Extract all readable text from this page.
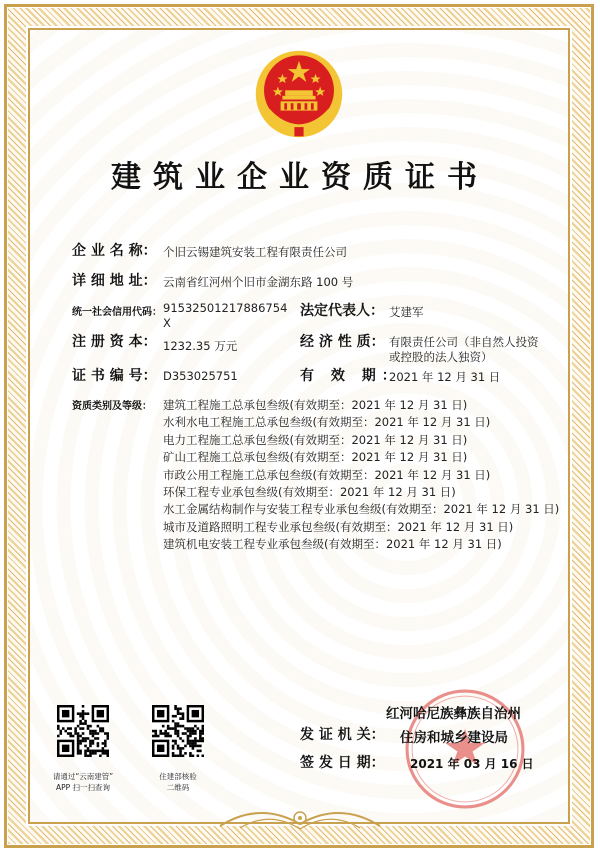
建筑业企业资质证书
企 业 名 称： 个旧云锡建筑安装工程有限责任公司
详 细 地 址： 云南省红河州个旧市金湖东路 100 号
统一社会信用代码： 91532501217886754X
法定代表人： 艾建军
注 册 资 本： 1232.35 万元	经 济 性 质： 有限责任公司（非自然人投资或控股的法人独资）
证 书 编 号： D353025751	有 效 期：
2021 年 12 月 31 日
资质类别及等级： 建筑工程施工总承包叁级(有效期至：2021 年 12 月 31 日)
水利水电工程施工总承包叁级(有效期至：2021 年 12 月 31 日)
电力工程施工总承包叁级(有效期至：2021 年 12 月 31 日)
矿山工程施工总承包叁级(有效期至：2021 年 12 月 31 日)
市政公用工程施工总承包叁级(有效期至：2021 年 12 月 31 日)
环保工程专业承包叁级(有效期至：2021 年 12 月 31 日)
水工金属结构制作与安装工程专业承包叁级(有效期至：2021 年 12 月 31 日)
城市及道路照明工程专业承包叁级(有效期至：2021 年 12 月 31 日)
建筑机电安装工程专业承包叁级(有效期至：2021 年 12 月 31 日)
请通过“云南建管”
APP 扫一扫查询
住建部核验
二维码
发 证 机 关：
红河哈尼族彝族自治州
住房和城乡建设局
签 发 日 期： 2021 年 03 月 16 日
